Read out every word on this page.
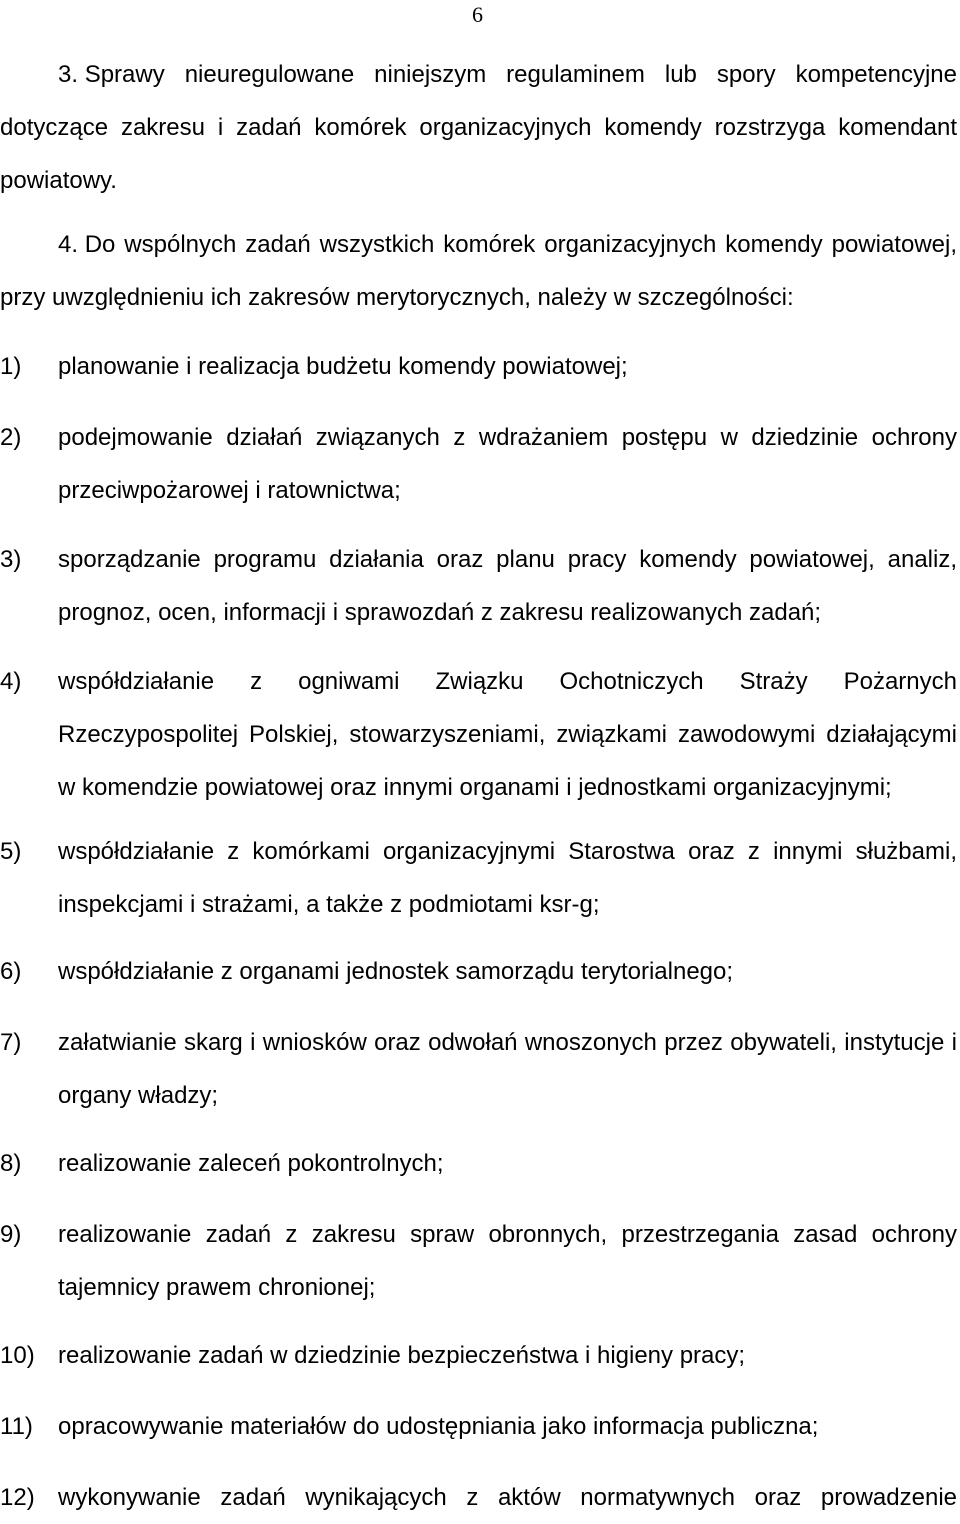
6

3. Sprawy nieuregulowane niniejszym regulaminem lub spory kompetencyjne dotyczące zakresu i zadań komórek organizacyjnych komendy rozstrzyga komendant powiatowy.

4. Do wspólnych zadań wszystkich komórek organizacyjnych komendy powiatowej, przy uwzględnieniu ich zakresów merytorycznych, należy w szczególności:

1)	planowanie i realizacja budżetu komendy powiatowej;
2)	podejmowanie działań związanych z wdrażaniem postępu w dziedzinie ochrony przeciwpożarowej i ratownictwa;
3)	sporządzanie programu działania oraz planu pracy komendy powiatowej, analiz, prognoz, ocen, informacji i sprawozdań z zakresu realizowanych zadań;
4)	współdziałanie z ogniwami Związku Ochotniczych Straży Pożarnych Rzeczypospolitej Polskiej, stowarzyszeniami, związkami zawodowymi działającymi w komendzie powiatowej oraz innymi organami i jednostkami organizacyjnymi;
5)	współdziałanie z komórkami organizacyjnymi Starostwa oraz z innymi służbami, inspekcjami i strażami, a także z podmiotami ksr-g;
6)	współdziałanie z organami jednostek samorządu terytorialnego;
7)	załatwianie skarg i wniosków oraz odwołań wnoszonych przez obywateli, instytucje i organy władzy;
8)	realizowanie zaleceń pokontrolnych;
9)	realizowanie zadań z zakresu spraw obronnych, przestrzegania zasad ochrony tajemnicy prawem chronionej;
10) realizowanie zadań w dziedzinie bezpieczeństwa i higieny pracy;
11)	opracowywanie materiałów do udostępniania jako informacja publiczna;
12) wykonywanie zadań wynikających z aktów normatywnych oraz prowadzenie
